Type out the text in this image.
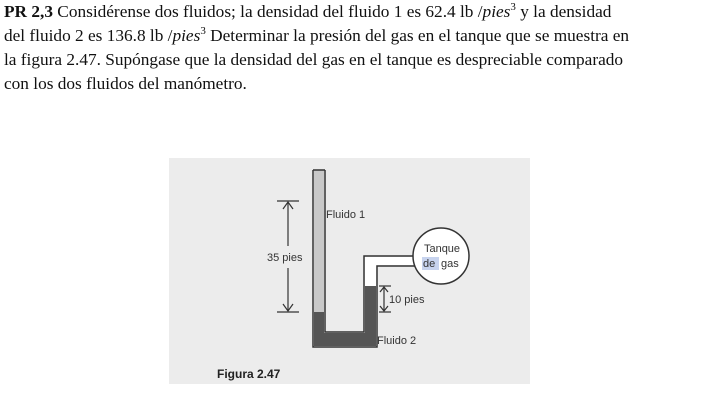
PR 2,3 Considérense dos fluidos; la densidad del fluido 1 es 62.4 lb /pies$^3$ y la densidad
del fluido 2 es 136.8 lb /pies$^3$ Determinar la presión del gas en el tanque que se muestra en
la figura 2.47. Supóngase que la densidad del gas en el tanque es despreciable comparado
con los dos fluidos del manómetro.
Tanque
de gas
35 pies
10 pies
Fluido 1
Fluido 2
Figura 2.47
